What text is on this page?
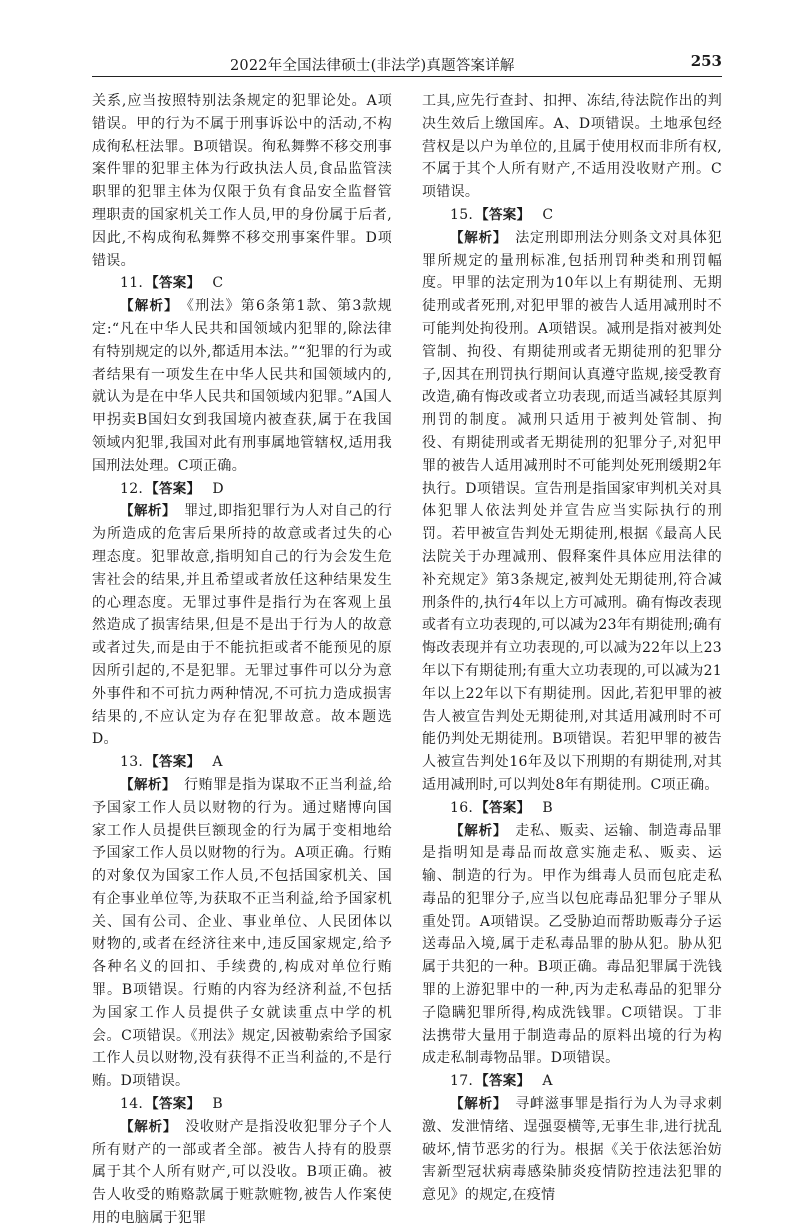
2022年全国法律硕士(非法学)真题答案详解	253

关系,应当按照特别法条规定的犯罪论处。A项错误。甲的行为不属于刑事诉讼中的活动,不构成徇私枉法罪。B项错误。徇私舞弊不移交刑事案件罪的犯罪主体为行政执法人员,食品监管渎职罪的犯罪主体为仅限于负有食品安全监督管理职责的国家机关工作人员,甲的身份属于后者,因此,不构成徇私舞弊不移交刑事案件罪。D项错误。

11. 【答案】 C

【解析】 《刑法》第6条第1款、第3款规定:“凡在中华人民共和国领域内犯罪的,除法律有特别规定的以外,都适用本法。”“犯罪的行为或者结果有一项发生在中华人民共和国领域内的,就认为是在中华人民共和国领域内犯罪。”A国人甲拐卖B国妇女到我国境内被查获,属于在我国领域内犯罪,我国对此有刑事属地管辖权,适用我国刑法处理。C项正确。

12. 【答案】 D

【解析】 罪过,即指犯罪行为人对自己的行为所造成的危害后果所持的故意或者过失的心理态度。犯罪故意,指明知自己的行为会发生危害社会的结果,并且希望或者放任这种结果发生的心理态度。无罪过事件是指行为在客观上虽然造成了损害结果,但是不是出于行为人的故意或者过失,而是由于不能抗拒或者不能预见的原因所引起的,不是犯罪。无罪过事件可以分为意外事件和不可抗力两种情况,不可抗力造成损害结果的,不应认定为存在犯罪故意。故本题选D。

13. 【答案】 A

【解析】 行贿罪是指为谋取不正当利益,给予国家工作人员以财物的行为。通过赌博向国家工作人员提供巨额现金的行为属于变相地给予国家工作人员以财物的行为。A项正确。行贿的对象仅为国家工作人员,不包括国家机关、国有企事业单位等,为获取不正当利益,给予国家机关、国有公司、企业、事业单位、人民团体以财物的,或者在经济往来中,违反国家规定,给予各种名义的回扣、手续费的,构成对单位行贿罪。B项错误。行贿的内容为经济利益,不包括为国家工作人员提供子女就读重点中学的机会。C项错误。《刑法》规定,因被勒索给予国家工作人员以财物,没有获得不正当利益的,不是行贿。D项错误。

14. 【答案】 B

【解析】 没收财产是指没收犯罪分子个人所有财产的一部或者全部。被告人持有的股票属于其个人所有财产,可以没收。B项正确。被告人收受的贿赂款属于赃款赃物,被告人作案使用的电脑属于犯罪

工具,应先行查封、扣押、冻结,待法院作出的判决生效后上缴国库。A、D项错误。土地承包经营权是以户为单位的,且属于使用权而非所有权,不属于其个人所有财产,不适用没收财产刑。C项错误。

15. 【答案】 C

【解析】 法定刑即刑法分则条文对具体犯罪所规定的量刑标准,包括刑罚种类和刑罚幅度。甲罪的法定刑为10年以上有期徒刑、无期徒刑或者死刑,对犯甲罪的被告人适用减刑时不可能判处拘役刑。A项错误。减刑是指对被判处管制、拘役、有期徒刑或者无期徒刑的犯罪分子,因其在刑罚执行期间认真遵守监规,接受教育改造,确有悔改或者立功表现,而适当减轻其原判刑罚的制度。减刑只适用于被判处管制、拘役、有期徒刑或者无期徒刑的犯罪分子,对犯甲罪的被告人适用减刑时不可能判处死刑缓期2年执行。D项错误。宣告刑是指国家审判机关对具体犯罪人依法判处并宣告应当实际执行的刑罚。若甲被宣告判处无期徒刑,根据《最高人民法院关于办理减刑、假释案件具体应用法律的补充规定》第3条规定,被判处无期徒刑,符合减刑条件的,执行4年以上方可减刑。确有悔改表现或者有立功表现的,可以减为23年有期徒刑;确有悔改表现并有立功表现的,可以减为22年以上23年以下有期徒刑;有重大立功表现的,可以减为21年以上22年以下有期徒刑。因此,若犯甲罪的被告人被宣告判处无期徒刑,对其适用减刑时不可能仍判处无期徒刑。B项错误。若犯甲罪的被告人被宣告判处16年及以下刑期的有期徒刑,对其适用减刑时,可以判处8年有期徒刑。C项正确。

16. 【答案】 B

【解析】 走私、贩卖、运输、制造毒品罪是指明知是毒品而故意实施走私、贩卖、运输、制造的行为。甲作为缉毒人员而包庇走私毒品的犯罪分子,应当以包庇毒品犯罪分子罪从重处罚。A项错误。乙受胁迫而帮助贩毒分子运送毒品入境,属于走私毒品罪的胁从犯。胁从犯属于共犯的一种。B项正确。毒品犯罪属于洗钱罪的上游犯罪中的一种,丙为走私毒品的犯罪分子隐瞒犯罪所得,构成洗钱罪。C项错误。丁非法携带大量用于制造毒品的原料出境的行为构成走私制毒物品罪。D项错误。

17. 【答案】 A

【解析】 寻衅滋事罪是指行为人为寻求刺激、发泄情绪、逞强耍横等,无事生非,进行扰乱破坏,情节恶劣的行为。根据《关于依法惩治妨害新型冠状病毒感染肺炎疫情防控违法犯罪的意见》的规定,在疫情
